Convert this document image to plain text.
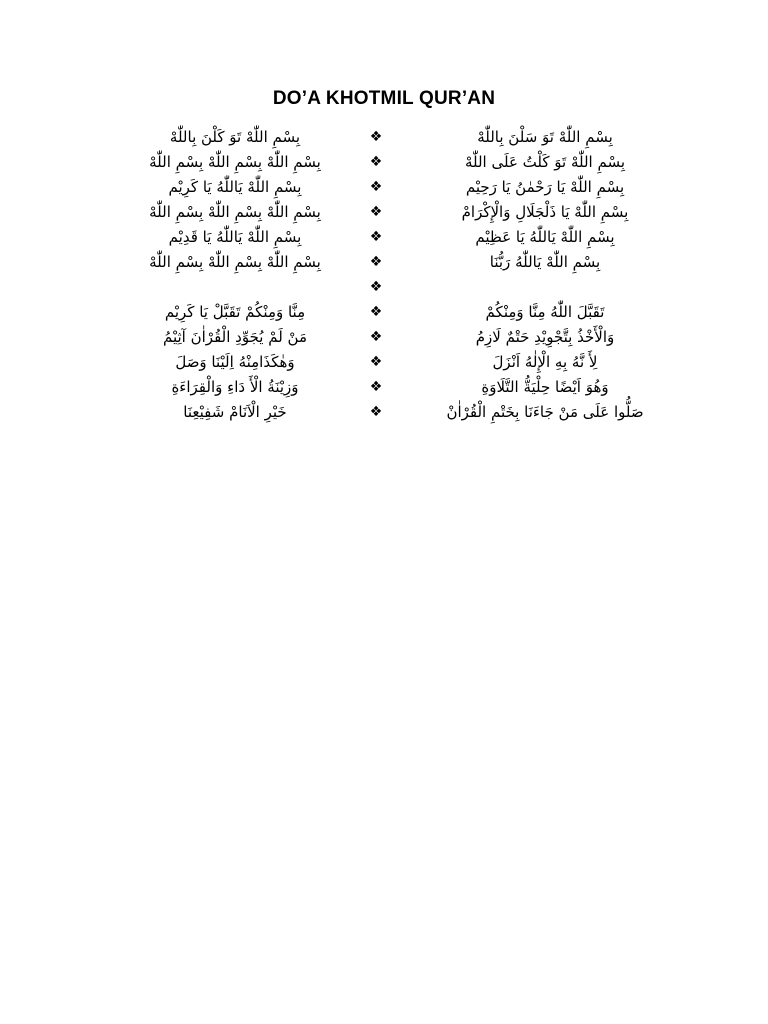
DO’A KHOTMIL QUR’AN
بِسْمِ اللّٰهْ تَوَ كَلْنَ بِاللّٰهْ	❖	بِسْمِ اللّٰهْ تَوَ سَلْنَ بِاللّٰهْ
بِسْمِ اللّٰهْ بِسْمِ اللّٰهْ بِسْمِ اللّٰهْ	❖	بِسْمِ اللّٰهْ تَوَ كَلْتُ عَلَى اللّٰهْ
بِسْمِ اللّٰهْ يَاللّٰهُ يَا كَرِيْم	❖	بِسْمِ اللّٰهْ يَا رَحْمٰنُ يَا رَحِيْم
بِسْمِ اللّٰهْ بِسْمِ اللّٰهْ بِسْمِ اللّٰهْ	❖	بِسْمِ اللّٰهْ يَا ذَلْجَلَالِ وَالْإِكْرَامْ
بِسْمِ اللّٰهْ يَاللّٰهُ يَا قَدِيْم	❖	بِسْمِ اللّٰهْ يَاللّٰهُ يَا عَظِيْم
بِسْمِ اللّٰهْ بِسْمِ اللّٰهْ بِسْمِ اللّٰهْ	❖	بِسْمِ اللّٰهْ يَاللّٰهُ رَبُّنَا
❖
مِنَّا وَمِنْكُمْ تَقَبَّلْ يَا كَرِيْم	❖	تَقَبَّلَ اللّٰهُ مِنَّا وَمِنْكُمْ
مَنْ لَمْ يُجَوِّدِ الْقُرْاٰنَ آثِيْمُ	❖	وَالْأَخْذُ بِتَّجْوِيْدِ حَتْمٌ لَازِمُ
وَهٰكَذَامِنْهُ اِلَيْنَا وَصَلَ	❖	لِأَ نَّهُ بِهِ الْإِلٰهُ اَنْزَلَ
وَزِيْنَةُ الْأَ دَاءِ وَالْقِرَاءَةِ	❖	وَهُوَ اَيْضًا حِلْيَةُّ التَّلَاوَةِ
خَيْرِ الْاَنَامْ شَفِيْعِنَا	❖	صَلُّوا عَلَى مَنْ جَاءَنَا بِخَتْمِ الْقُرْاٰنْ
